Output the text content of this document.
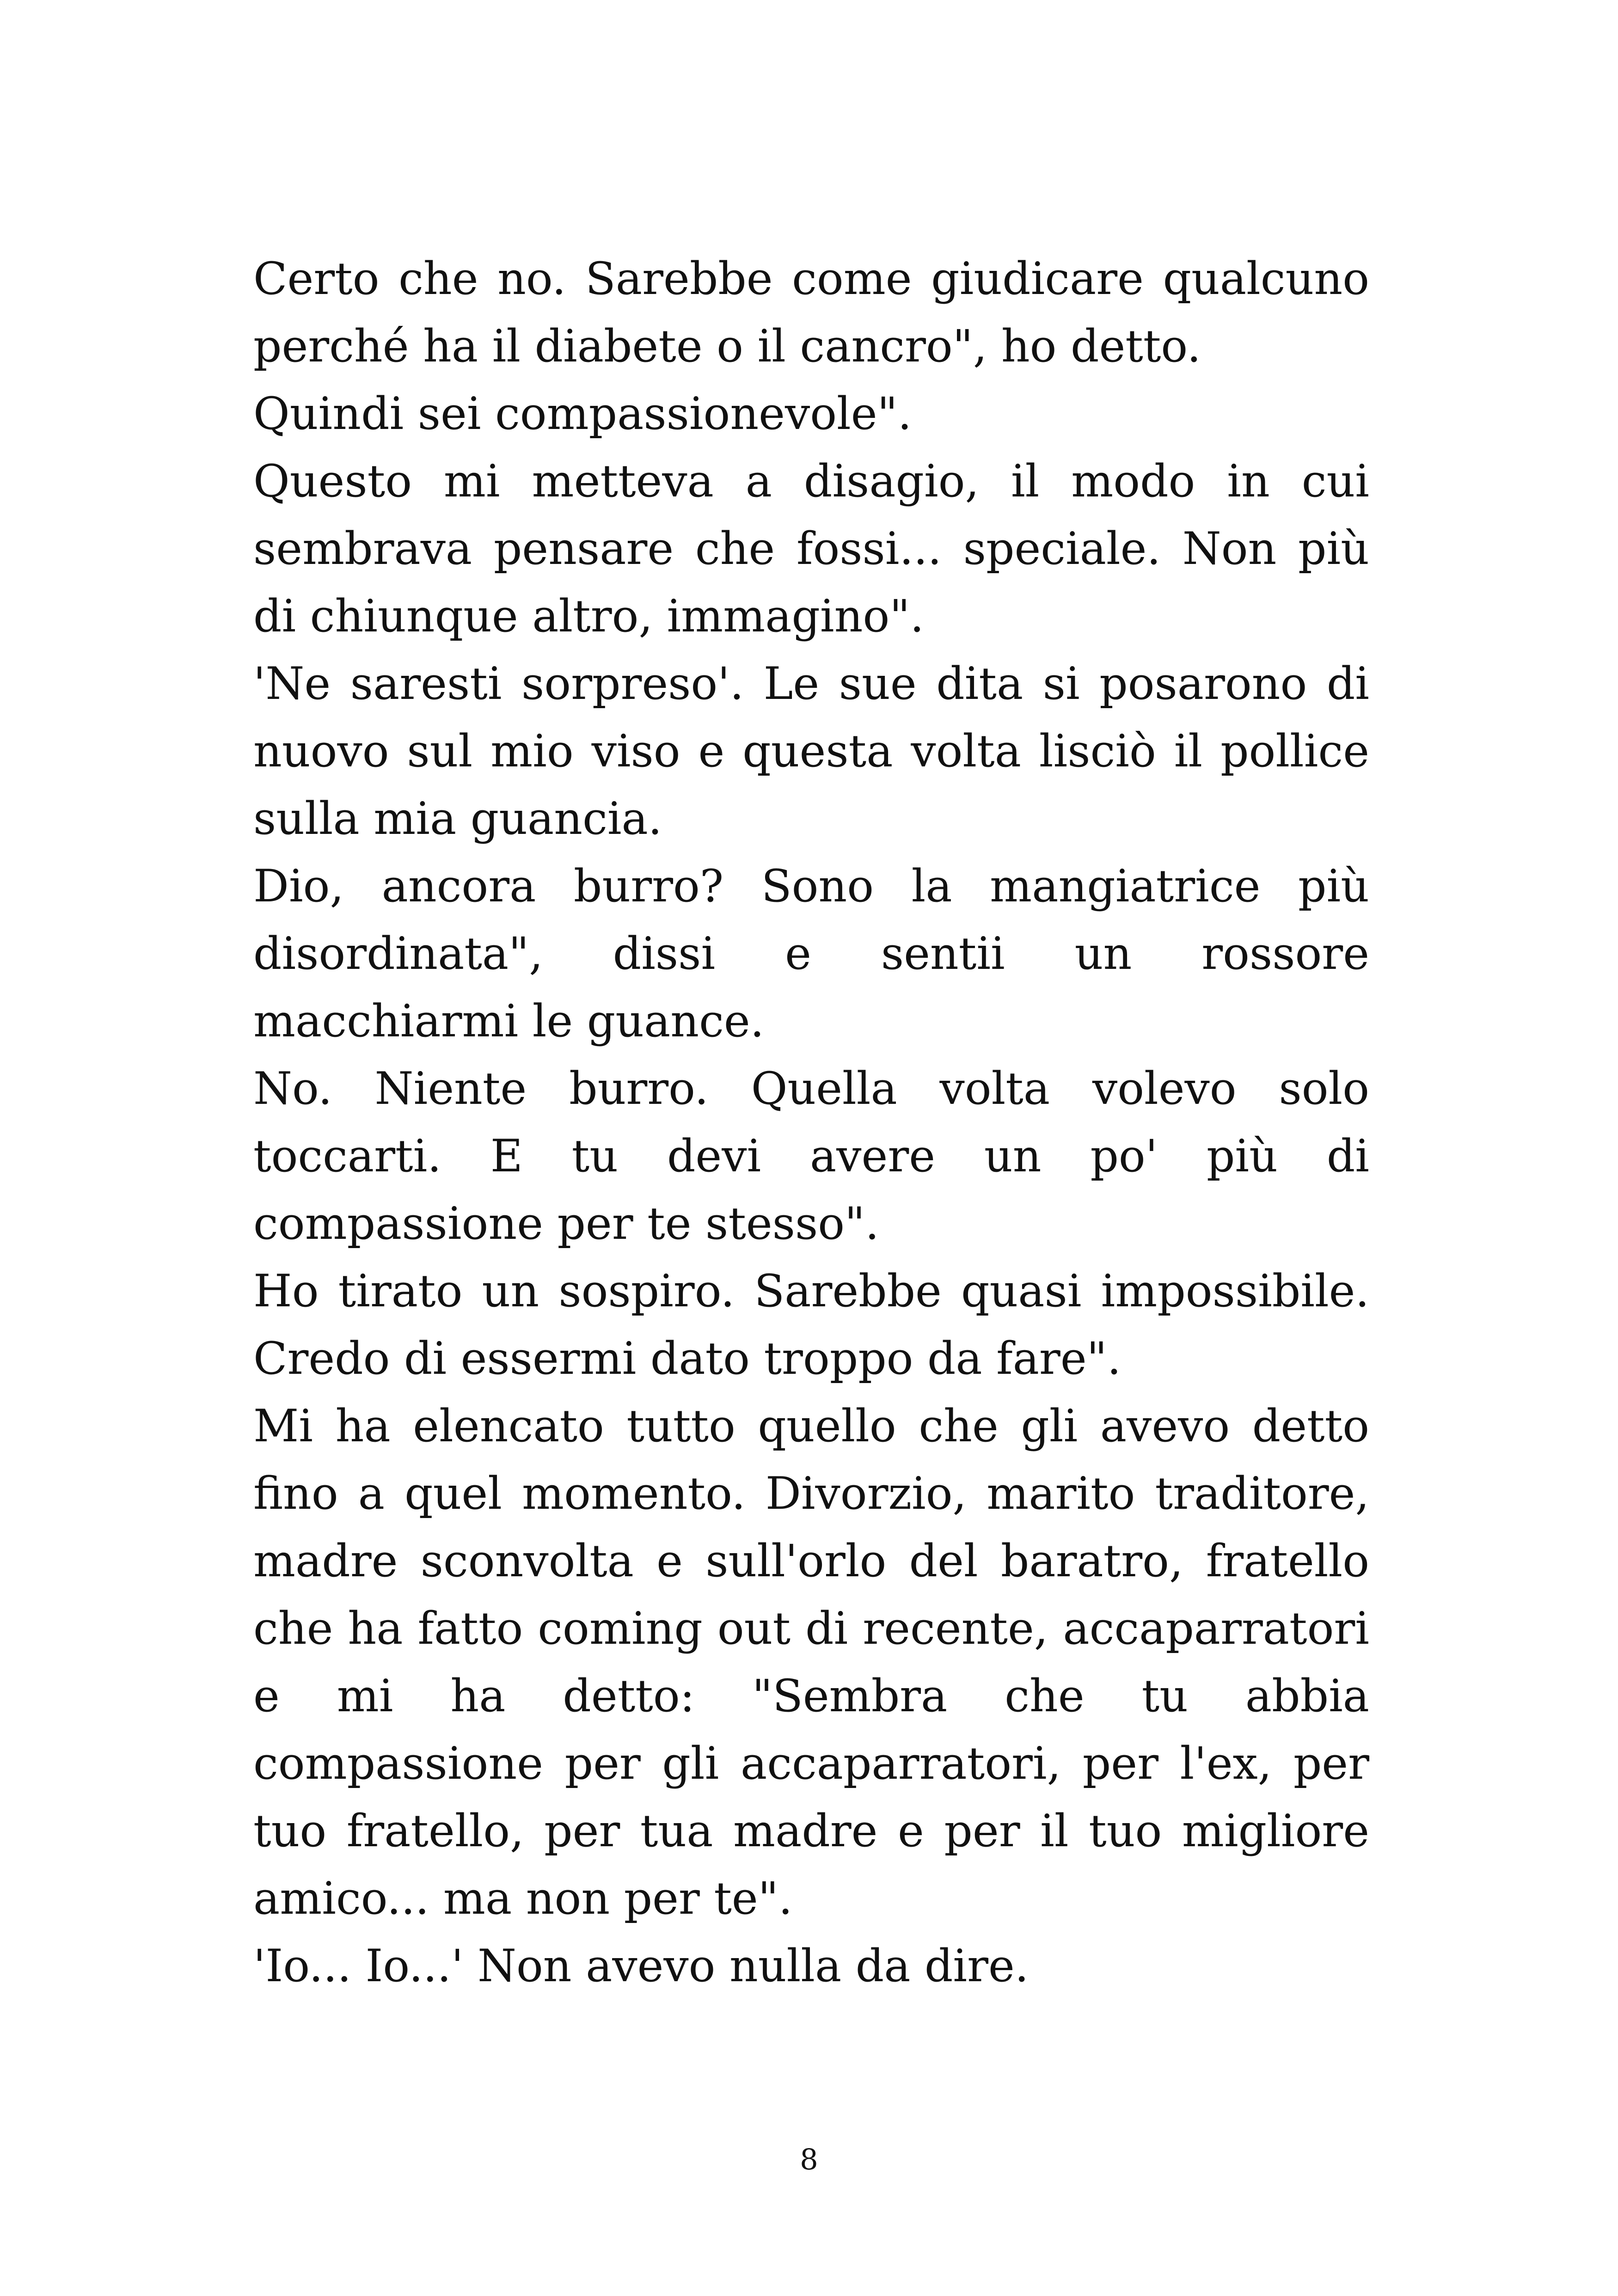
Certo che no. Sarebbe come giudicare qualcuno perché ha il diabete o il cancro", ho detto.

Quindi sei compassionevole".

Questo mi metteva a disagio, il modo in cui sembrava pensare che fossi... speciale. Non più di chiunque altro, immagino".

'Ne saresti sorpreso'. Le sue dita si posarono di nuovo sul mio viso e questa volta lisciò il pollice sulla mia guancia.

Dio, ancora burro? Sono la mangiatrice più disordinata", dissi e sentii un rossore macchiarmi le guance.

No. Niente burro. Quella volta volevo solo toccarti. E tu devi avere un po' più di compassione per te stesso".

Ho tirato un sospiro. Sarebbe quasi impossibile. Credo di essermi dato troppo da fare".

Mi ha elencato tutto quello che gli avevo detto fino a quel momento. Divorzio, marito traditore, madre sconvolta e sull'orlo del baratro, fratello che ha fatto coming out di recente, accaparratori e mi ha detto: "Sembra che tu abbia compassione per gli accaparratori, per l'ex, per tuo fratello, per tua madre e per il tuo migliore amico... ma non per te".

'Io... Io...' Non avevo nulla da dire.

8
